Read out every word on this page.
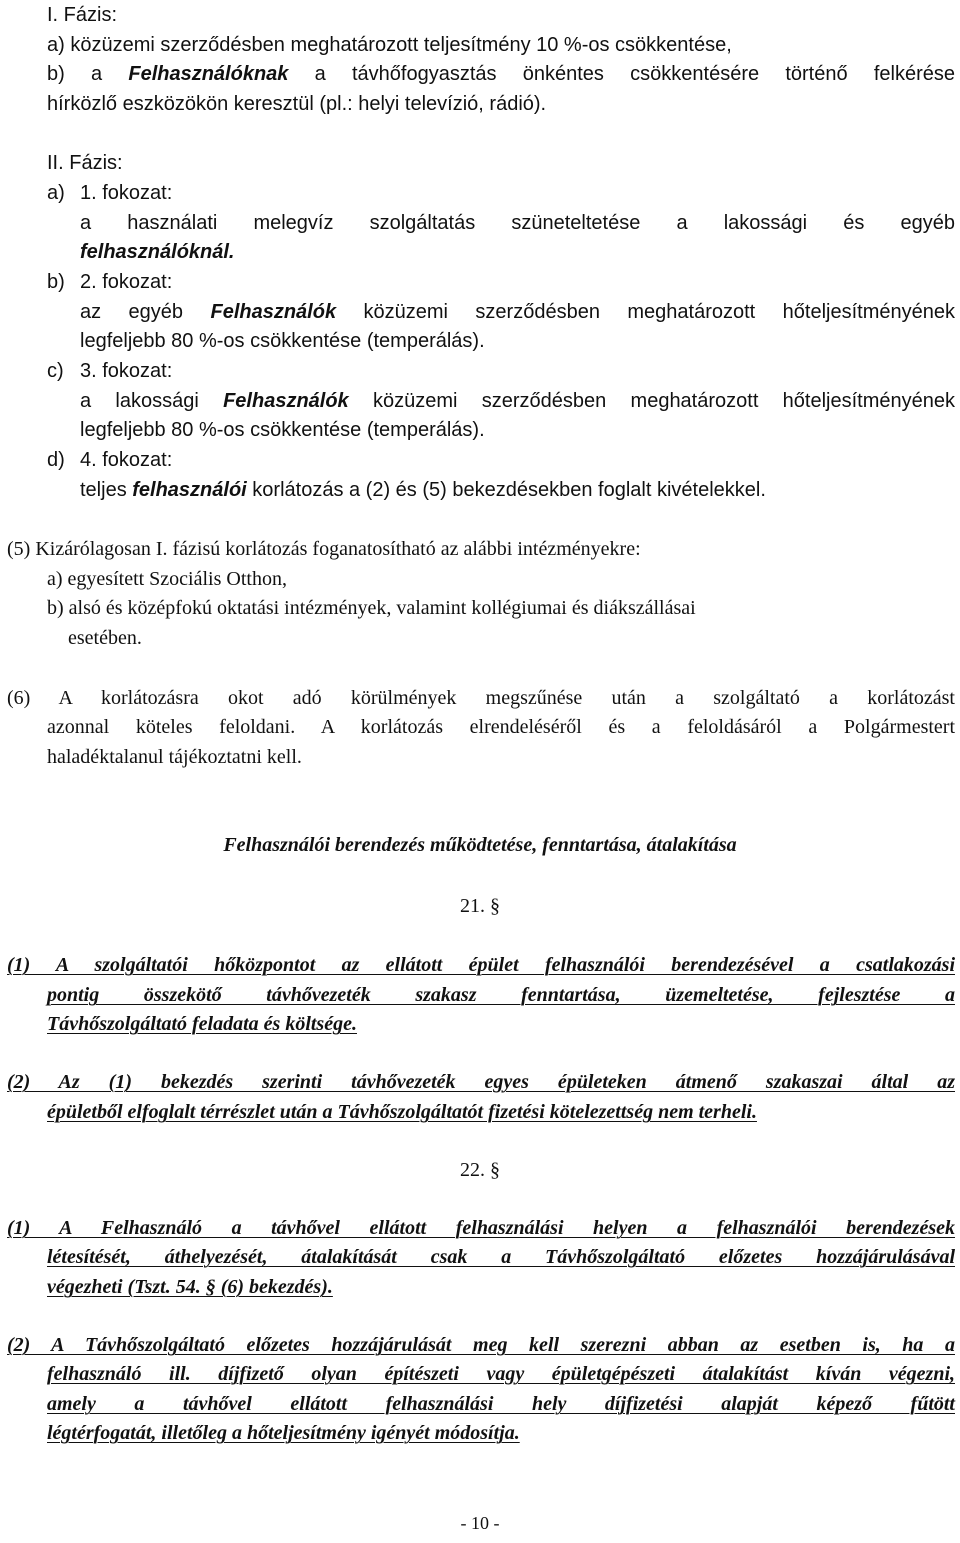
I. Fázis:
a) közüzemi szerződésben meghatározott teljesítmény 10 %-os csökkentése,
b) a Felhasználóknak a távhőfogyasztás önkéntes csökkentésére történő felkérése
hírközlő eszközökön keresztül (pl.: helyi televízió, rádió).
II. Fázis:
a) 1. fokozat:
a használati melegvíz szolgáltatás szüneteltetése a lakossági és egyéb
felhasználóknál.
b) 2. fokozat:
az egyéb Felhasználók közüzemi szerződésben meghatározott hőteljesítményének
legfeljebb 80 %-os csökkentése (temperálás).
c) 3. fokozat:
a lakossági Felhasználók közüzemi szerződésben meghatározott hőteljesítményének
legfeljebb 80 %-os csökkentése (temperálás).
d) 4. fokozat:
teljes felhasználói korlátozás a (2) és (5) bekezdésekben foglalt kivételekkel.
(5) Kizárólagosan I. fázisú korlátozás foganatosítható az alábbi intézményekre:
a) egyesített Szociális Otthon,
b) alsó és középfokú oktatási intézmények, valamint kollégiumai és diákszállásai
esetében.
(6) A korlátozásra okot adó körülmények megszűnése után a szolgáltató a korlátozást
azonnal köteles feloldani. A korlátozás elrendeléséről és a feloldásáról a Polgármestert
haladéktalanul tájékoztatni kell.
Felhasználói berendezés működtetése, fenntartása, átalakítása
21. §
(1) A szolgáltatói hőközpontot az ellátott épület felhasználói berendezésével a csatlakozási
pontig összekötő távhővezeték szakasz fenntartása, üzemeltetése, fejlesztése a
Távhőszolgáltató feladata és költsége.
(2) Az (1) bekezdés szerinti távhővezeték egyes épületeken átmenő szakaszai által az
épületből elfoglalt térrészlet után a Távhőszolgáltatót fizetési kötelezettség nem terheli.
22. §
(1) A Felhasználó a távhővel ellátott felhasználási helyen a felhasználói berendezések
létesítését, áthelyezését, átalakítását csak a Távhőszolgáltató előzetes hozzájárulásával
végezheti (Tszt. 54. § (6) bekezdés).
(2) A Távhőszolgáltató előzetes hozzájárulását meg kell szerezni abban az esetben is, ha a
felhasználó ill. díjfizető olyan építészeti vagy épületgépészeti átalakítást kíván végezni,
amely a távhővel ellátott felhasználási hely díjfizetési alapját képező fűtött
légtérfogatát, illetőleg a hőteljesítmény igényét módosítja.
- 10 -
